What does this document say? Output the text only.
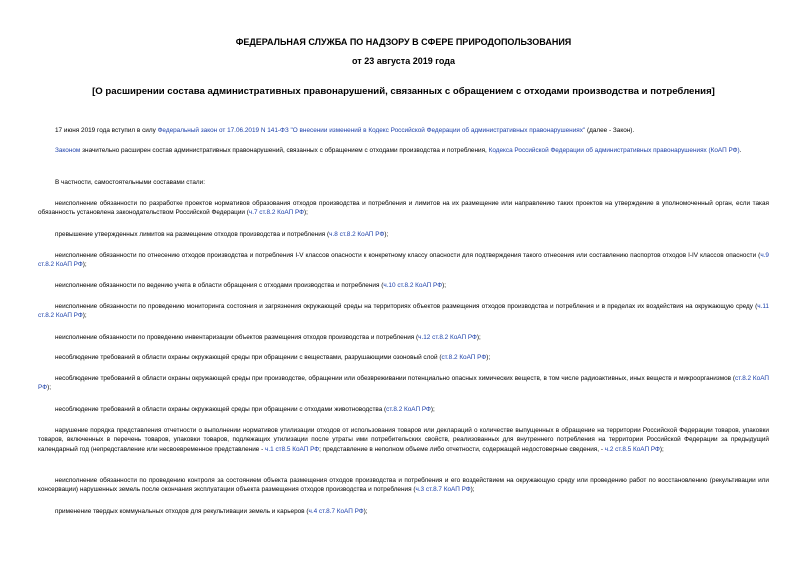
ФЕДЕРАЛЬНАЯ СЛУЖБА ПО НАДЗОРУ В СФЕРЕ ПРИРОДОПОЛЬЗОВАНИЯ
от 23 августа 2019 года
[О расширении состава административных правонарушений, связанных с обращением с отходами производства и потребления]

17 июня 2019 года вступил в силу Федеральный закон от 17.06.2019 N 141-ФЗ "О внесении изменений в Кодекс Российской Федерации об административных правонарушениях" (далее - Закон).

Законом значительно расширен состав административных правонарушений, связанных с обращением с отходами производства и потребления, Кодекса Российской Федерации об административных правонарушениях (КоАП РФ).

В частности, самостоятельными составами стали:

неисполнение обязанности по разработке проектов нормативов образования отходов производства и потребления и лимитов на их размещение или направлению таких проектов на утверждение в уполномоченный орган, если такая обязанность установлена законодательством Российской Федерации (ч.7 ст.8.2 КоАП РФ);

превышение утвержденных лимитов на размещение отходов производства и потребления (ч.8 ст.8.2 КоАП РФ);

неисполнение обязанности по отнесению отходов производства и потребления I-V классов опасности к конкретному классу опасности для подтверждения такого отнесения или составлению паспортов отходов I-IV классов опасности (ч.9 ст.8.2 КоАП РФ);

неисполнение обязанности по ведению учета в области обращения с отходами производства и потребления (ч.10 ст.8.2 КоАП РФ);

неисполнение обязанности по проведению мониторинга состояния и загрязнения окружающей среды на территориях объектов размещения отходов производства и потребления и в пределах их воздействия на окружающую среду (ч.11 ст.8.2 КоАП РФ);

неисполнение обязанности по проведению инвентаризации объектов размещения отходов производства и потребления (ч.12 ст.8.2 КоАП РФ);

несоблюдение требований в области охраны окружающей среды при обращении с веществами, разрушающими озоновый слой (ст.8.2 КоАП РФ);

несоблюдение требований в области охраны окружающей среды при производстве, обращении или обезвреживании потенциально опасных химических веществ, в том числе радиоактивных, иных веществ и микроорганизмов (ст.8.2 КоАП РФ);

несоблюдение требований в области охраны окружающей среды при обращении с отходами животноводства (ст.8.2 КоАП РФ);

нарушение порядка представления отчетности о выполнении нормативов утилизации отходов от использования товаров или деклараций о количестве выпущенных в обращение на территории Российской Федерации товаров, упаковки товаров, включенных в перечень товаров, упаковки товаров, подлежащих утилизации после утраты ими потребительских свойств, реализованных для внутреннего потребления на территории Российской Федерации за предыдущий календарный год (непредставление или несвоевременное представление - ч.1 ст8.5 КоАП РФ; представление в неполном объеме либо отчетности, содержащей недостоверные сведения, - ч.2 ст.8.5 КоАП РФ);

неисполнение обязанности по проведению контроля за состоянием объекта размещения отходов производства и потребления и его воздействием на окружающую среду или проведению работ по восстановлению (рекультивации или консервации) нарушенных земель после окончания эксплуатации объекта размещения отходов производства и потребления (ч.3 ст.8.7 КоАП РФ);

применение твердых коммунальных отходов для рекультивации земель и карьеров (ч.4 ст.8.7 КоАП РФ);
